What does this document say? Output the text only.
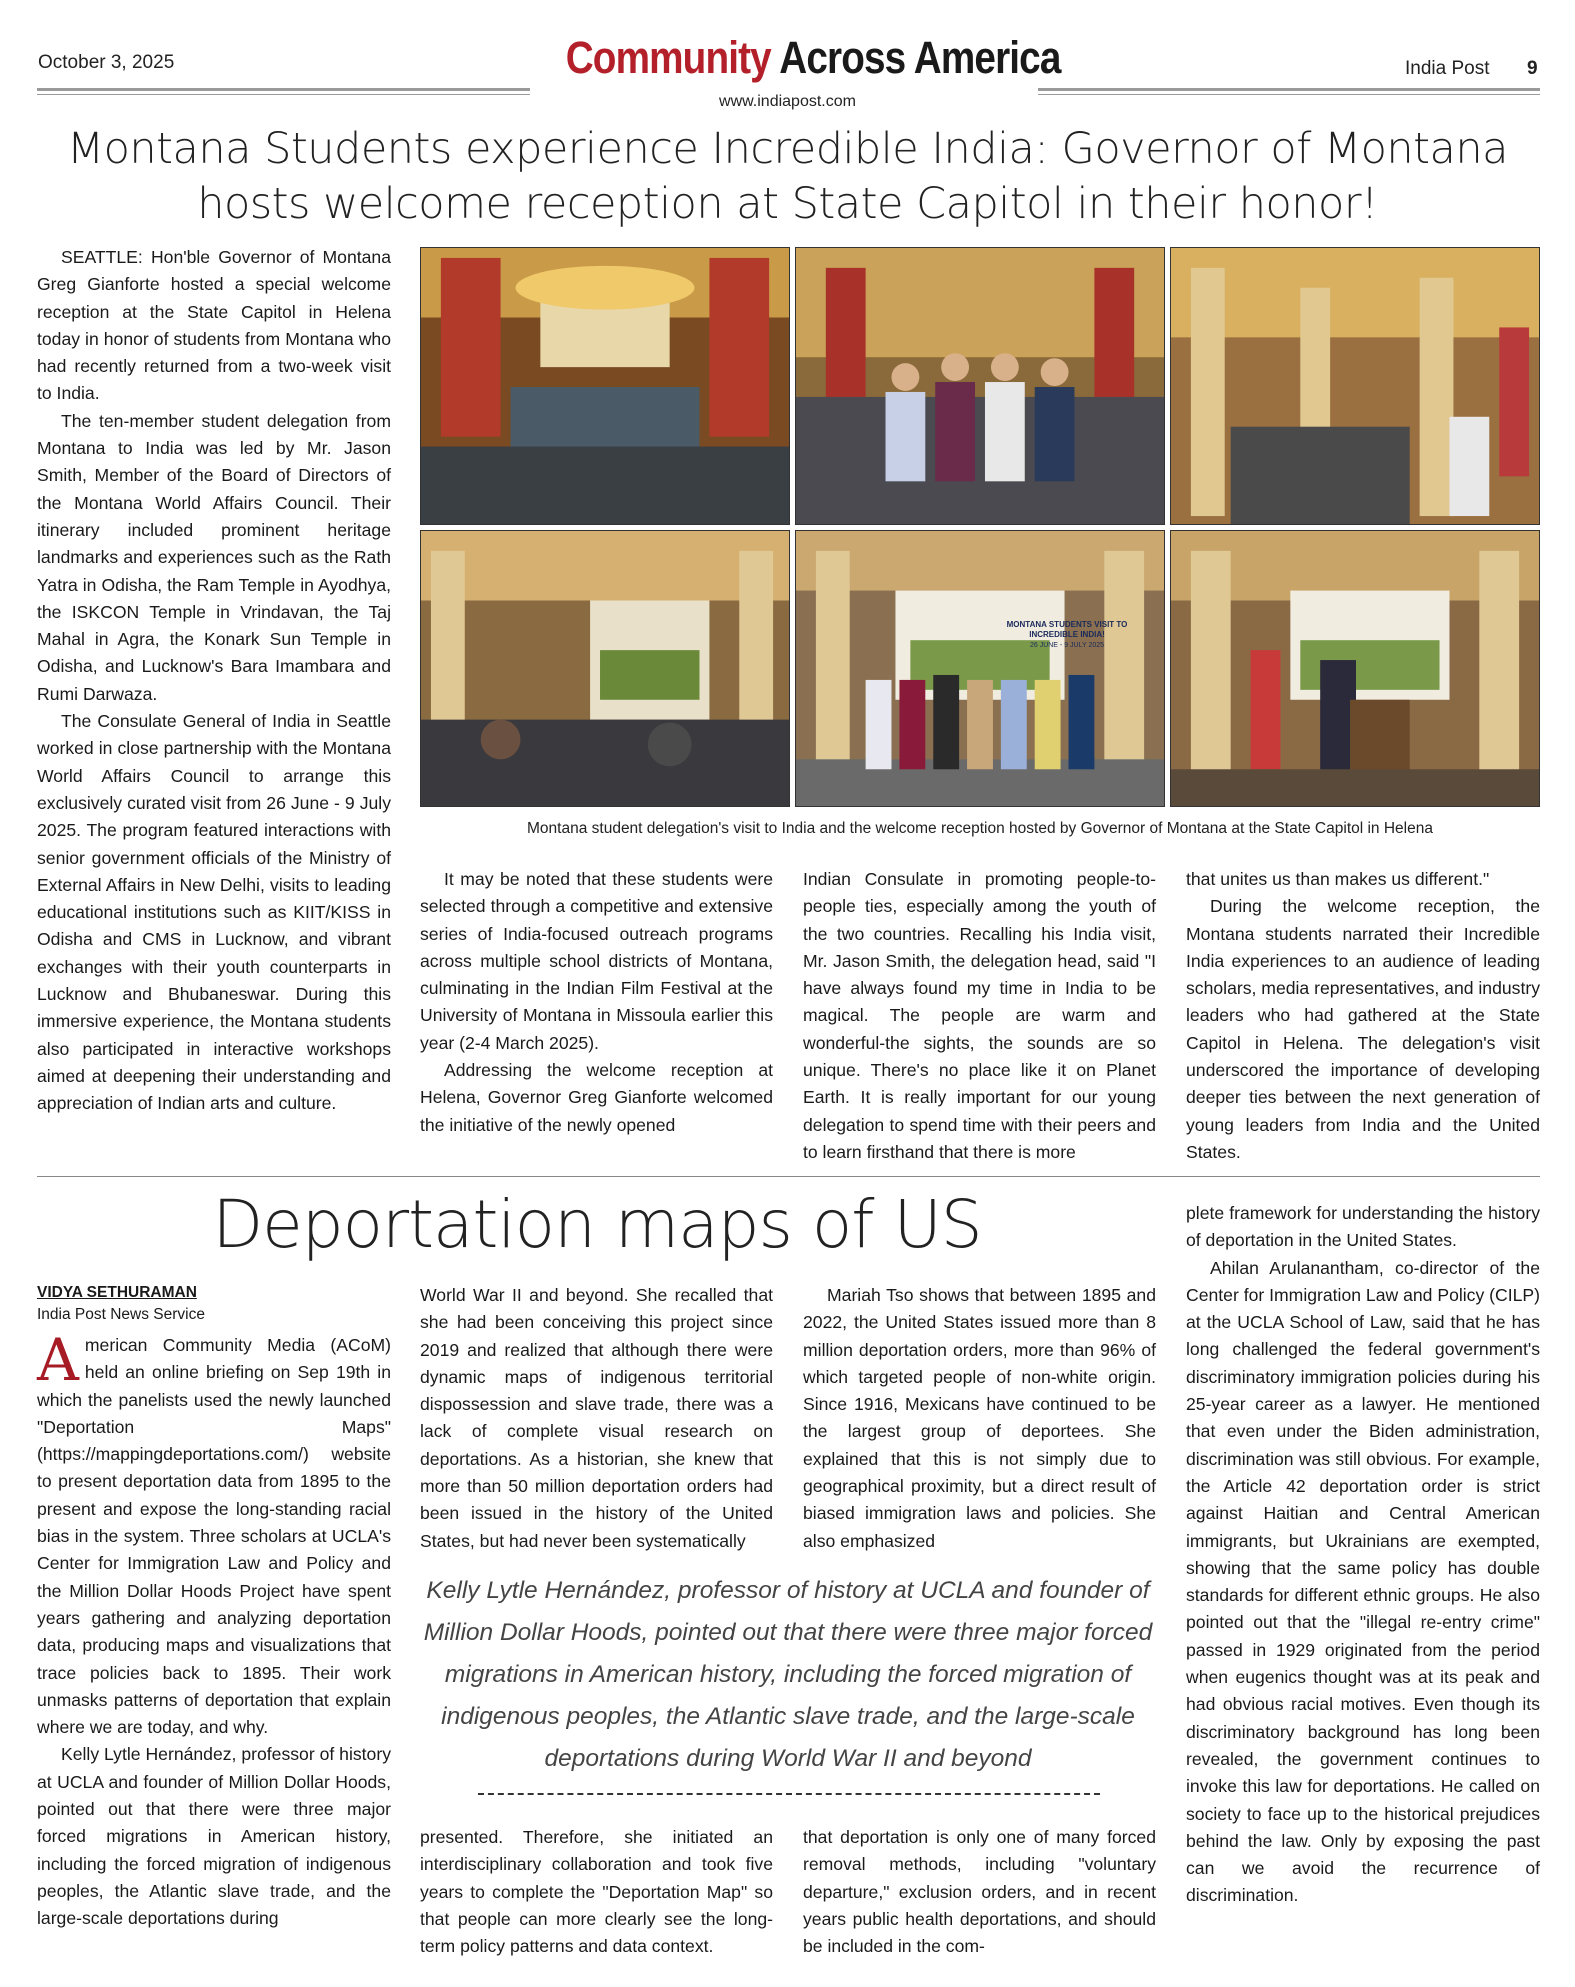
October 3, 2025	Community Across America
www.indiapost.com
India Post 9
Montana Students experience Incredible India: Governor of Montana hosts welcome reception at State Capitol in their honor!

SEATTLE: Hon'ble Governor of Montana Greg Gianforte hosted a special welcome reception at the State Capitol in Helena today in honor of students from Montana who had recently returned from a two-week visit to India.

The ten-member student delegation from Montana to India was led by Mr. Jason Smith, Member of the Board of Directors of the Montana World Affairs Council. Their itinerary included prominent heritage landmarks and experiences such as the Rath Yatra in Odisha, the Ram Temple in Ayodhya, the ISKCON Temple in Vrindavan, the Taj Mahal in Agra, the Konark Sun Temple in Odisha, and Lucknow's Bara Imambara and Rumi Darwaza.

The Consulate General of India in Seattle worked in close partnership with the Montana World Affairs Council to arrange this exclusively curated visit from 26 June - 9 July 2025. The program featured interactions with senior government officials of the Ministry of External Affairs in New Delhi, visits to leading educational institutions such as KIIT/KISS in Odisha and CMS in Lucknow, and vibrant exchanges with their youth counterparts in Lucknow and Bhubaneswar. During this immersive experience, the Montana students also participated in interactive workshops aimed at deepening their understanding and appreciation of Indian arts and culture.

Montana student delegation's visit to India and the welcome reception hosted by Governor of Montana at the State Capitol in Helena

It may be noted that these students were selected through a competitive and extensive series of India-focused outreach programs across multiple school districts of Montana, culminating in the Indian Film Festival at the University of Montana in Missoula earlier this year (2-4 March 2025).

Addressing the welcome reception at Helena, Governor Greg Gianforte welcomed the initiative of the newly opened

Indian Consulate in promoting people-to-people ties, especially among the youth of the two countries. Recalling his India visit, Mr. Jason Smith, the delegation head, said "I have always found my time in India to be magical. The people are warm and wonderful-the sights, the sounds are so unique. There's no place like it on Planet Earth. It is really important for our young delegation to spend time with their peers and to learn firsthand that there is more

that unites us than makes us different."

During the welcome reception, the Montana students narrated their Incredible India experiences to an audience of leading scholars, media representatives, and industry leaders who had gathered at the State Capitol in Helena. The delegation's visit underscored the importance of developing deeper ties between the next generation of young leaders from India and the United States.

Deportation maps of US
VIDYA SETHURAMAN
India Post News Service

American Community Media (ACoM) held an online briefing on Sep 19th in which the panelists used the newly launched "Deportation Maps" (https://mappingdeportations.com/) website to present deportation data from 1895 to the present and expose the long-standing racial bias in the system. Three scholars at UCLA's Center for Immigration Law and Policy and the Million Dollar Hoods Project have spent years gathering and analyzing deportation data, producing maps and visualizations that trace policies back to 1895. Their work unmasks patterns of deportation that explain where we are today, and why.

Kelly Lytle Hernández, professor of history at UCLA and founder of Million Dollar Hoods, pointed out that there were three major forced migrations in American history, including the forced migration of indigenous peoples, the Atlantic slave trade, and the large-scale deportations during

World War II and beyond. She recalled that she had been conceiving this project since 2019 and realized that although there were dynamic maps of indigenous territorial dispossession and slave trade, there was a lack of complete visual research on deportations. As a historian, she knew that more than 50 million deportation orders had been issued in the history of the United States, but had never been systematically

Mariah Tso shows that between 1895 and 2022, the United States issued more than 8 million deportation orders, more than 96% of which targeted people of non-white origin. Since 1916, Mexicans have continued to be the largest group of deportees. She explained that this is not simply due to geographical proximity, but a direct result of biased immigration laws and policies. She also emphasized

Kelly Lytle Hernández, professor of history at UCLA and founder of Million Dollar Hoods, pointed out that there were three major forced migrations in American history, including the forced migration of indigenous peoples, the Atlantic slave trade, and the large-scale deportations during World War II and beyond

presented. Therefore, she initiated an interdisciplinary collaboration and took five years to complete the "Deportation Map" so that people can more clearly see the long-term policy patterns and data context.

that deportation is only one of many forced removal methods, including "voluntary departure," exclusion orders, and in recent years public health deportations, and should be included in the com-

plete framework for understanding the history of deportation in the United States.

Ahilan Arulanantham, co-director of the Center for Immigration Law and Policy (CILP) at the UCLA School of Law, said that he has long challenged the federal government's discriminatory immigration policies during his 25-year career as a lawyer. He mentioned that even under the Biden administration, discrimination was still obvious. For example, the Article 42 deportation order is strict against Haitian and Central American immigrants, but Ukrainians are exempted, showing that the same policy has double standards for different ethnic groups. He also pointed out that the "illegal re-entry crime" passed in 1929 originated from the period when eugenics thought was at its peak and had obvious racial motives. Even though its discriminatory background has long been revealed, the government continues to invoke this law for deportations. He called on society to face up to the historical prejudices behind the law. Only by exposing the past can we avoid the recurrence of discrimination.

MONTANA STUDENTS VISIT TO INCREDIBLE INDIA!
26 JUNE - 9 JULY 2025
